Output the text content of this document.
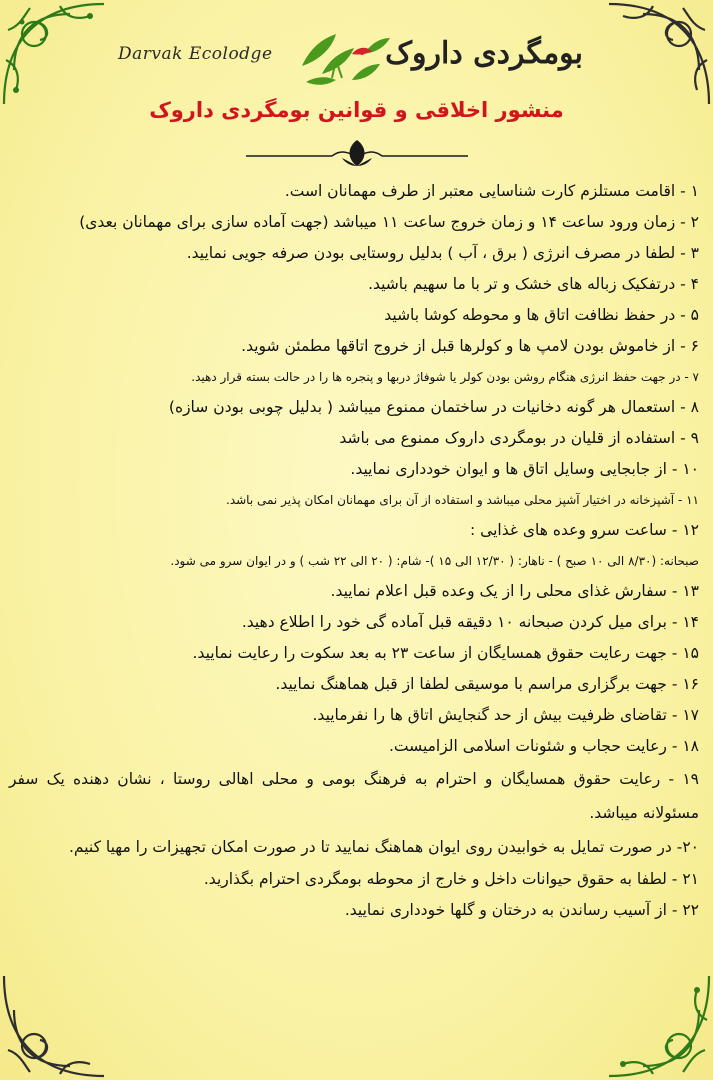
Darvak Ecolodge	بومگردی داروک
منشور اخلاقی و قوانین بومگردی داروک
۱ - اقامت مستلزم کارت شناسایی معتبر از طرف مهمانان است.
۲ - زمان ورود ساعت ۱۴ و زمان خروج ساعت ۱۱ میباشد (جهت آماده سازی برای مهمانان بعدی)
۳ - لطفا در مصرف انرژی ( برق ، آب ) بدلیل روستایی بودن صرفه جویی نمایید.
۴ - درتفکیک زباله های خشک و تر با ما سهیم باشید.
۵ - در حفظ نظافت اتاق ها و محوطه کوشا باشید
۶ - از خاموش بودن لامپ ها و کولرها قبل از خروج اتاقها مطمئن شوید.
۷ - در جهت حفظ انرژی هنگام روشن بودن کولر یا شوفاژ دربها و پنجره ها را در حالت بسته قرار دهید.
۸ - استعمال هر گونه دخانیات در ساختمان ممنوع میباشد ( بدلیل چوبی بودن سازه)
۹ - استفاده از قلیان در بومگردی داروک ممنوع می باشد
۱۰ - از جابجایی وسایل اتاق ها و ایوان خودداری نمایید.
۱۱ - آشپزخانه در اختیار آشپز محلی میباشد و استفاده از آن برای مهمانان امکان پذیر نمی باشد.
۱۲ - ساعت سرو وعده های غذایی :
صبحانه: (۸/۳۰ الی ۱۰ صبح ) - ناهار: ( ۱۲/۳۰ الی ۱۵ )- شام: ( ۲۰ الی ۲۲ شب ) و در ایوان سرو می شود.
۱۳ - سفارش غذای محلی را از یک وعده قبل اعلام نمایید.
۱۴ - برای میل کردن صبحانه ۱۰ دقیقه قبل آماده گی خود را اطلاع دهید.
۱۵ - جهت رعایت حقوق همسایگان از ساعت ۲۳ به بعد سکوت را رعایت نمایید.
۱۶ - جهت برگزاری مراسم با موسیقی لطفا از قبل هماهنگ نمایید.
۱۷ - تقاضای ظرفیت بیش از حد گنجایش اتاق ها را نفرمایید.
۱۸ - رعایت حجاب و شئونات اسلامی الزامیست.
۱۹ - رعایت حقوق همسایگان و احترام به فرهنگ بومی و محلی اهالی روستا ، نشان دهنده یک سفر مسئولانه میباشد.
۲۰- در صورت تمایل به خوابیدن روی ایوان هماهنگ نمایید تا در صورت امکان تجهیزات را مهیا کنیم.
۲۱ - لطفا به حقوق حیوانات داخل و خارج از محوطه بومگردی احترام بگذارید.
۲۲ - از آسیب رساندن به درختان و گلها خودداری نمایید.
